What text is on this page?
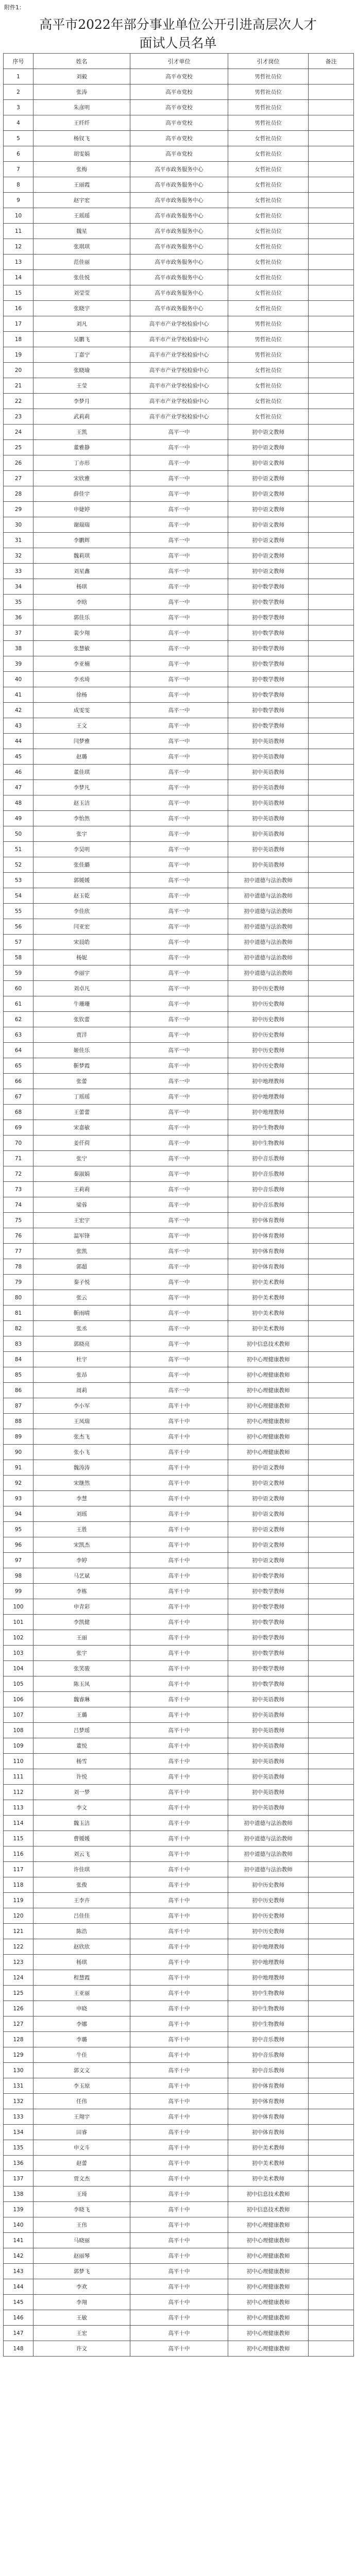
附件1：
高平市2022年部分事业单位公开引进高层次人才
面试人员名单
序号	姓名	引才单位	引才岗位	备注
1	刘毅	高平市党校	男哲社员位	
2	张涛	高平市党校	男哲社员位	
3	朱彦明	高平市党校	男哲社员位	
4	王纤纤	高平市党校	男哲社员位	
5	杨钗飞	高平市党校	女哲社员位	
6	胡雯娟	高平市党校	女哲社员位	
7	张梅	高平市政务服务中心	女哲社员位	
8	王丽霞	高平市政务服务中心	女哲社员位	
9	赵宇宏	高平市政务服务中心	女哲社员位	
10	王瑶瑶	高平市政务服务中心	女哲社员位	
11	魏星	高平市政务服务中心	女哲社员位	
12	张琪琪	高平市政务服务中心	女哲社员位	
13	范佳丽	高平市政务服务中心	女哲社员位	
14	张佳悦	高平市政务服务中心	女哲社员位	
15	刘莹莹	高平市政务服务中心	女哲社员位	
16	张晓宇	高平市政务服务中心	女哲社员位	
17	刘凡	高平市产业学校检验中心	男哲社员位	
18	吴鹏飞	高平市产业学校检验中心	男哲社员位	
19	丁嘉宁	高平市产业学校检验中心	男哲社员位	
20	张晓瑜	高平市产业学校检验中心	女哲社员位	
21	王莹	高平市产业学校检验中心	女哲社员位	
22	李梦月	高平市产业学校检验中心	女哲社员位	
23	武莉莉	高平市产业学校检验中心	女哲社员位	
24	王凯	高平一中	初中语文教师	
25	董雅静	高平一中	初中语文教师	
26	丁亦形	高平一中	初中语文教师	
27	宋欣雅	高平一中	初中语文教师	
28	薛佳宇	高平一中	初中语文教师	
29	申婕婷	高平一中	初中语文教师	
30	谢瑞瑞	高平一中	初中语文教师	
31	李鹏辉	高平一中	初中语文教师	
32	魏莉琪	高平一中	初中语文教师	
33	刘星鑫	高平一中	初中语文教师	
34	杨琪	高平一中	初中数学教师	
35	李晗	高平一中	初中数学教师	
36	郭佳乐	高平一中	初中数学教师	
37	裴少翔	高平一中	初中数学教师	
38	张慧敏	高平一中	初中数学教师	
39	李亚楠	高平一中	初中数学教师	
40	李丞琦	高平一中	初中数学教师	
41	徐杨	高平一中	初中数学教师	
42	成雯雯	高平一中	初中数学教师	
43	王文	高平一中	初中数学教师	
44	闫梦雅	高平一中	初中英语教师	
45	赵璐	高平一中	初中英语教师	
46	董佳琪	高平一中	初中英语教师	
47	李梦凡	高平一中	初中英语教师	
48	赵玉洁	高平一中	初中英语教师	
49	李怡然	高平一中	初中英语教师	
50	张宇	高平一中	初中英语教师	
51	李昊明	高平一中	初中英语教师	
52	张佳璐	高平一中	初中英语教师	
53	郭媛媛	高平一中	初中道德与法治教师	
54	赵玉乾	高平一中	初中道德与法治教师	
55	李佳欣	高平一中	初中道德与法治教师	
56	闫亚宏	高平一中	初中道德与法治教师	
57	宋晨皓	高平一中	初中道德与法治教师	
58	杨妮	高平一中	初中道德与法治教师	
59	李丽宇	高平一中	初中道德与法治教师	
60	刘卓凡	高平一中	初中历史教师	
61	牛珊珊	高平一中	初中历史教师	
62	张钦蕾	高平一中	初中历史教师	
63	贾洋	高平一中	初中历史教师	
64	姬佳乐	高平一中	初中历史教师	
65	靳梦霞	高平一中	初中历史教师	
66	张蕾	高平一中	初中地理教师	
67	丁瑶瑶	高平一中	初中地理教师	
68	王蕾蕾	高平一中	初中地理教师	
69	宋嘉敏	高平一中	初中生物教师	
70	姜仟荷	高平一中	初中生物教师	
71	张宁	高平一中	初中音乐教师	
72	秦淑娟	高平一中	初中音乐教师	
73	王莉莉	高平一中	初中音乐教师	
74	梁蓉	高平一中	初中音乐教师	
75	王宏宇	高平一中	初中体育教师	
76	温军锋	高平一中	初中体育教师	
77	张凯	高平一中	初中体育教师	
78	郭超	高平一中	初中体育教师	
79	秦子悦	高平一中	初中美术教师	
80	张云	高平一中	初中美术教师	
81	靳雨晴	高平一中	初中美术教师	
82	张丞	高平一中	初中美术教师	
83	郭晓亮	高平一中	初中信息技术教师	
84	杜宇	高平一中	初中心理健康教师	
85	张昂	高平一中	初中心理健康教师	
86	周莉	高平一中	初中心理健康教师	
87	李小军	高平十中	初中心理健康教师	
88	王凤瑞	高平十中	初中心理健康教师	
89	张杰飞	高平十中	初中心理健康教师	
90	张小飞	高平十中	初中心理健康教师	
91	魏涛涛	高平十中	初中语文教师	
92	宋继然	高平十中	初中语文教师	
93	李慧	高平十中	初中语文教师	
94	刘瑶	高平十中	初中语文教师	
95	王胜	高平十中	初中语文教师	
96	宋凯杰	高平十中	初中语文教师	
97	李婷	高平十中	初中语文教师	
98	马艺斌	高平十中	初中数学教师	
99	李栋	高平十中	初中数学教师	
100	申青彩	高平十中	初中数学教师	
101	李凯健	高平十中	初中数学教师	
102	王丽	高平十中	初中数学教师	
103	张宇	高平十中	初中数学教师	
104	张笑骏	高平十中	初中数学教师	
105	陈玉凤	高平十中	初中数学教师	
106	魏睿琳	高平十中	初中英语教师	
107	王璐	高平十中	初中英语教师	
108	吕梦瑶	高平十中	初中英语教师	
109	董悦	高平十中	初中英语教师	
110	杨雪	高平十中	初中英语教师	
111	许悦	高平十中	初中英语教师	
112	刘一梦	高平十中	初中英语教师	
113	李文	高平十中	初中英语教师	
114	魏玉洁	高平十中	初中道德与法治教师	
115	曹媛媛	高平十中	初中道德与法治教师	
116	刘云飞	高平十中	初中道德与法治教师	
117	许佳琪	高平十中	初中道德与法治教师	
118	张俊	高平十中	初中历史教师	
119	王李卉	高平十中	初中历史教师	
120	吕佳佳	高平十中	初中历史教师	
121	陈浩	高平十中	初中历史教师	
122	赵欣欣	高平十中	初中地理教师	
123	杨琪	高平十中	初中地理教师	
124	程慧霞	高平十中	初中地理教师	
125	王亚丽	高平十中	初中生物教师	
126	申晓	高平十中	初中生物教师	
127	李娜	高平十中	初中生物教师	
128	李璐	高平十中	初中音乐教师	
129	牛佳	高平十中	初中音乐教师	
130	郭文文	高平十中	初中音乐教师	
131	李玉琼	高平十中	初中体育教师	
132	任伟	高平十中	初中体育教师	
133	王翔宇	高平十中	初中体育教师	
134	田睿	高平十中	初中体育教师	
135	申文斗	高平十中	初中美术教师	
136	赵蕾	高平十中	初中美术教师	
137	贾文杰	高平十中	初中美术教师	
138	王琦	高平十中	初中信息技术教师	
139	李晓飞	高平十中	初中信息技术教师	
140	王伟	高平十中	初中心理健康教师	
141	马晓丽	高平十中	初中心理健康教师	
142	赵丽琴	高平十中	初中心理健康教师	
143	郭梦飞	高平十中	初中心理健康教师	
144	李欢	高平十中	初中心理健康教师	
145	李翔	高平十中	初中心理健康教师	
146	王敏	高平十中	初中心理健康教师	
147	王宏	高平十中	初中心理健康教师	
148	许文	高平十中	初中心理健康教师	
